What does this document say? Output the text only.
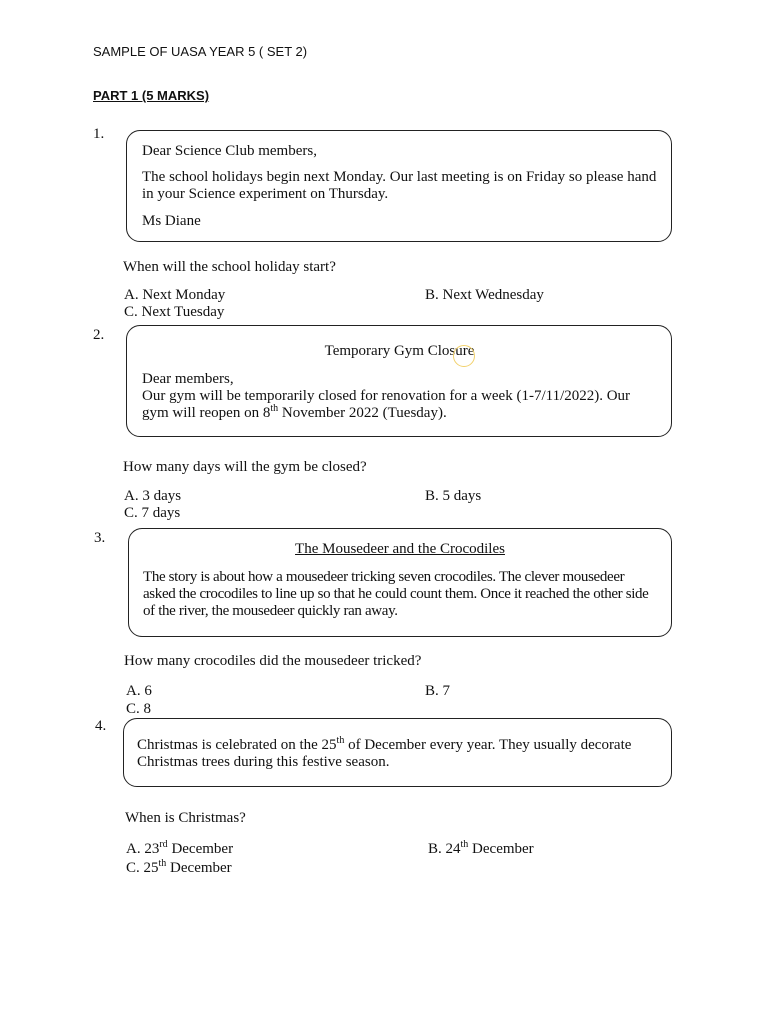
SAMPLE OF UASA YEAR 5 ( SET 2)
PART 1 (5 MARKS)
1.

Dear Science Club members,

The school holidays begin next Monday. Our last meeting is on Friday so please hand in your Science experiment on Thursday.

Ms Diane

When will the school holiday start?
A. Next Monday	B. Next Wednesday
C. Next Tuesday
2.

Temporary Gym Closure

Dear members,

Our gym will be temporarily closed for renovation for a week (1-7/11/2022). Our gym will reopen on 8th November 2022 (Tuesday).

How many days will the gym be closed?
A. 3 days	B. 5 days
C. 7 days
3.

The Mousedeer and the Crocodiles

The story is about how a mousedeer tricking seven crocodiles. The clever mousedeer asked the crocodiles to line up so that he could count them. Once it reached the other side of the river, the mousedeer quickly ran away.

How many crocodiles did the mousedeer tricked?
A. 6	B. 7
C. 8
4.

Christmas is celebrated on the 25th of December every year. They usually decorate Christmas trees during this festive season.

When is Christmas?
A. 23rd December	B. 24th December
C. 25th December
